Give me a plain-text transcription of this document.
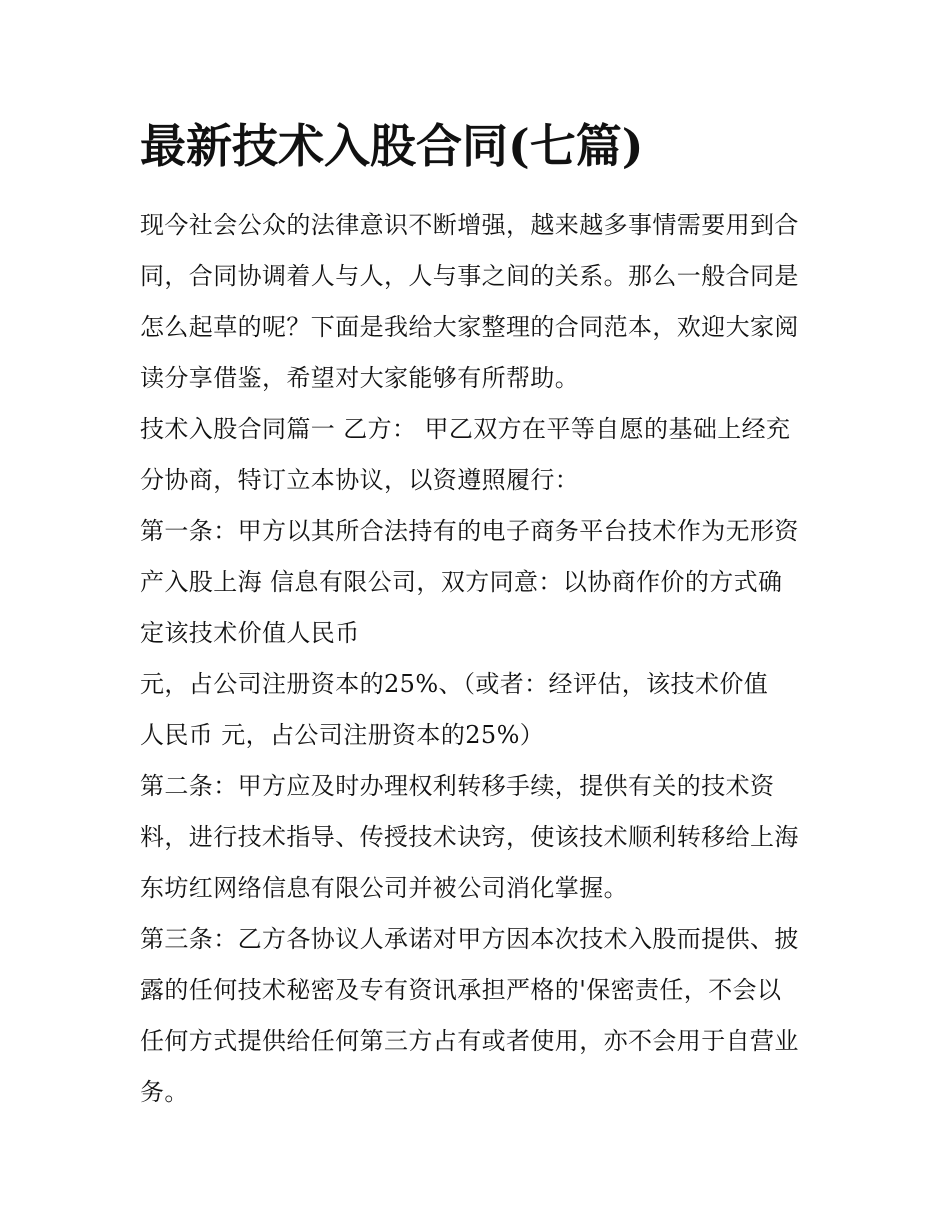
最新技术入股合同(七篇)

现今社会公众的法律意识不断增强，越来越多事情需要用到合

同，合同协调着人与人，人与事之间的关系。那么一般合同是

怎么起草的呢？下面是我给大家整理的合同范本，欢迎大家阅

读分享借鉴，希望对大家能够有所帮助。

技术入股合同篇一 乙方： 甲乙双方在平等自愿的基础上经充

分协商，特订立本协议，以资遵照履行：

第一条：甲方以其所合法持有的电子商务平台技术作为无形资

产入股上海 信息有限公司，双方同意：以协商作价的方式确

定该技术价值人民币

元，占公司注册资本的25%、（或者：经评估，该技术价值

人民币 元，占公司注册资本的25%）

第二条：甲方应及时办理权利转移手续，提供有关的技术资

料，进行技术指导、传授技术诀窍，使该技术顺利转移给上海

东坊红网络信息有限公司并被公司消化掌握。

第三条：乙方各协议人承诺对甲方因本次技术入股而提供、披

露的任何技术秘密及专有资讯承担严格的'保密责任，不会以

任何方式提供给任何第三方占有或者使用，亦不会用于自营业

务。
